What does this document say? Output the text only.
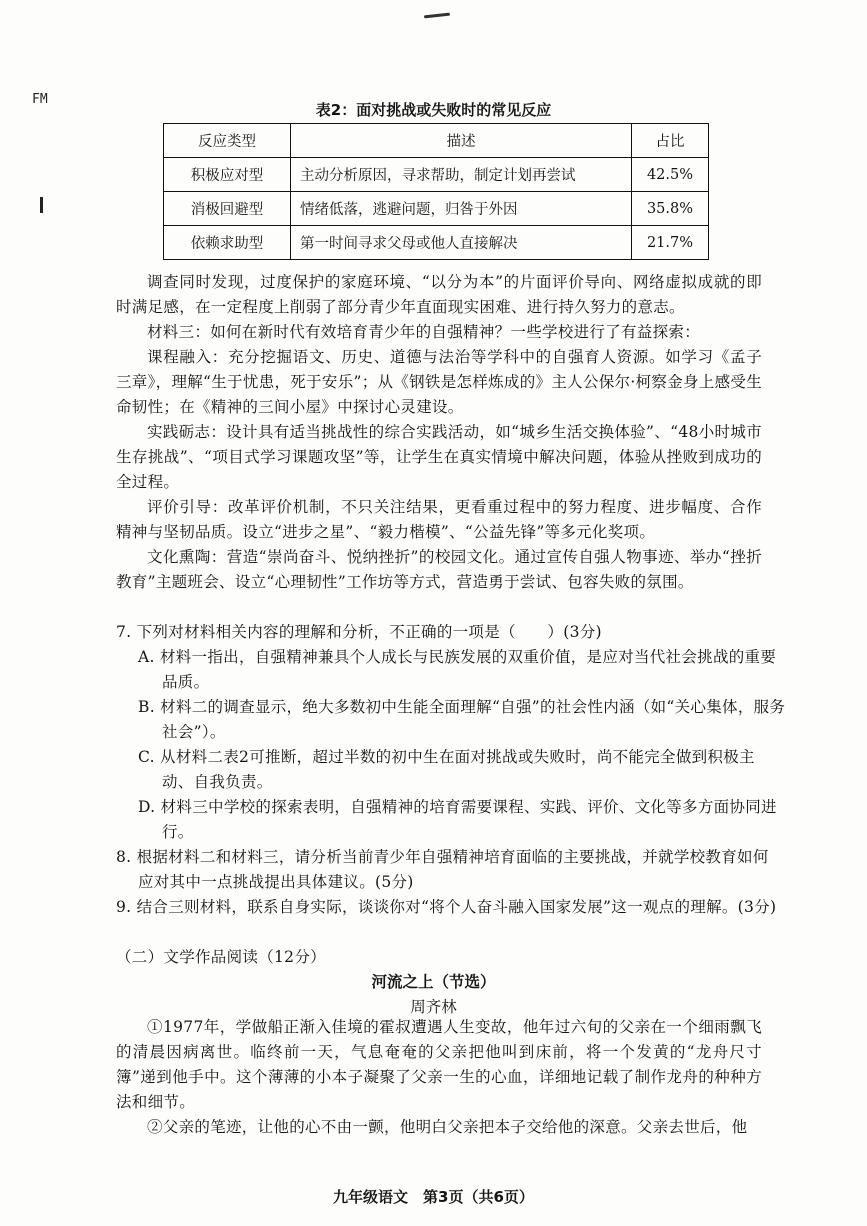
FM
表2：面对挑战或失败时的常见反应
反应类型	描述	占比
积极应对型	主动分析原因，寻求帮助，制定计划再尝试	42.5%
消极回避型	情绪低落，逃避问题，归咎于外因	35.8%
依赖求助型	第一时间寻求父母或他人直接解决	21.7%
调查同时发现，过度保护的家庭环境、“以分为本”的片面评价导向、网络虚拟成就的即时满足感，在一定程度上削弱了部分青少年直面现实困难、进行持久努力的意志。
材料三：如何在新时代有效培育青少年的自强精神？一些学校进行了有益探索：
课程融入：充分挖掘语文、历史、道德与法治等学科中的自强育人资源。如学习《孟子三章》，理解“生于忧患，死于安乐”；从《钢铁是怎样炼成的》主人公保尔·柯察金身上感受生命韧性；在《精神的三间小屋》中探讨心灵建设。
实践砺志：设计具有适当挑战性的综合实践活动，如“城乡生活交换体验”、“48小时城市生存挑战”、“项目式学习课题攻坚”等，让学生在真实情境中解决问题，体验从挫败到成功的全过程。
评价引导：改革评价机制，不只关注结果，更看重过程中的努力程度、进步幅度、合作精神与坚韧品质。设立“进步之星”、“毅力楷模”、“公益先锋”等多元化奖项。
文化熏陶：营造“崇尚奋斗、悦纳挫折”的校园文化。通过宣传自强人物事迹、举办“挫折教育”主题班会、设立“心理韧性”工作坊等方式，营造勇于尝试、包容失败的氛围。
7. 下列对材料相关内容的理解和分析，不正确的一项是（　　）(3分)
A. 材料一指出，自强精神兼具个人成长与民族发展的双重价值，是应对当代社会挑战的重要品质。
B. 材料二的调查显示，绝大多数初中生能全面理解“自强”的社会性内涵（如“关心集体，服务社会”）。
C. 从材料二表2可推断，超过半数的初中生在面对挑战或失败时，尚不能完全做到积极主动、自我负责。
D. 材料三中学校的探索表明，自强精神的培育需要课程、实践、评价、文化等多方面协同进行。
8. 根据材料二和材料三，请分析当前青少年自强精神培育面临的主要挑战，并就学校教育如何应对其中一点挑战提出具体建议。(5分)
9. 结合三则材料，联系自身实际，谈谈你对“将个人奋斗融入国家发展”这一观点的理解。(3分)
（二）文学作品阅读（12分）
河流之上（节选）
周齐林
①1977年，学做船正渐入佳境的霍叔遭遇人生变故，他年过六旬的父亲在一个细雨飘飞的清晨因病离世。临终前一天，气息奄奄的父亲把他叫到床前，将一个发黄的“龙舟尺寸簿”递到他手中。这个薄薄的小本子凝聚了父亲一生的心血，详细地记载了制作龙舟的种种方法和细节。
②父亲的笔迹，让他的心不由一颤，他明白父亲把本子交给他的深意。父亲去世后，他
九年级语文　第3页（共6页）
